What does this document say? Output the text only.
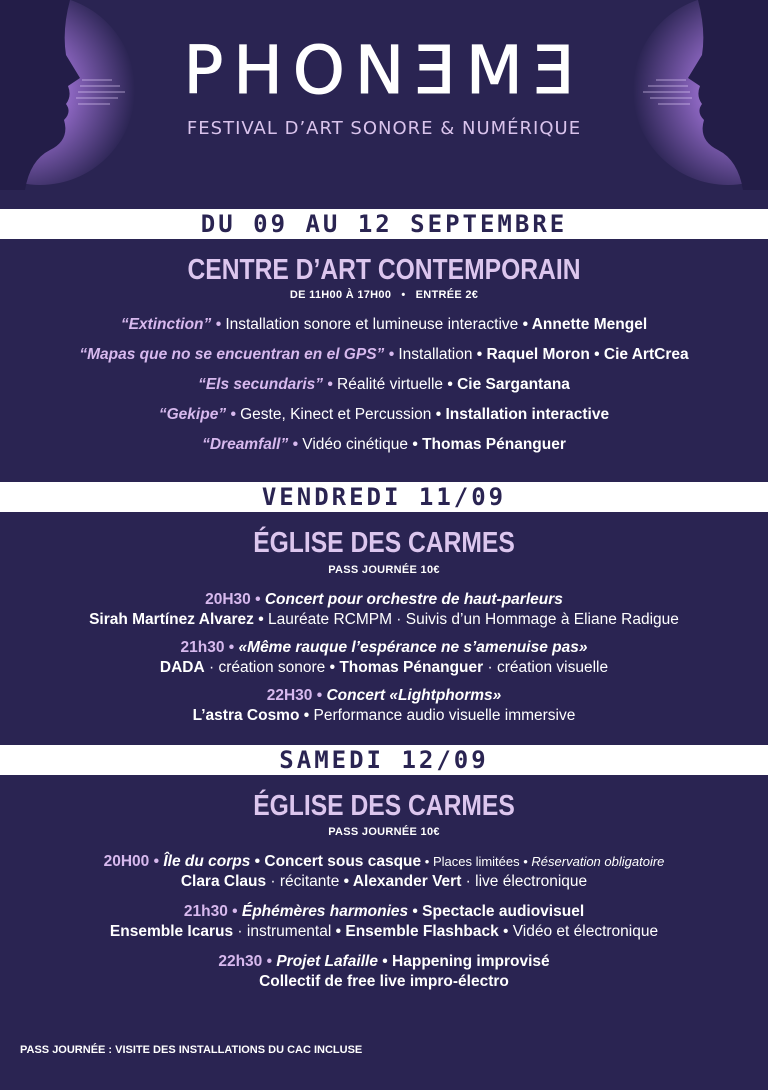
PHONƎMƎ
FESTIVAL D’ART SONORE & NUMÉRIQUE
DU 09 AU 12 SEPTEMBRE
CENTRE D’ART CONTEMPORAIN
DE 11H00 À 17H00 • ENTRÉE 2€
“Extinction” • Installation sonore et lumineuse interactive • Annette Mengel
“Mapas que no se encuentran en el GPS” • Installation • Raquel Moron • Cie ArtCrea
“Els secundaris” • Réalité virtuelle • Cie Sargantana
“Gekipe” • Geste, Kinect et Percussion • Installation interactive
“Dreamfall” • Vidéo cinétique • Thomas Pénanguer
VENDREDI 11/09
ÉGLISE DES CARMES
PASS JOURNÉE 10€
20H30 • Concert pour orchestre de haut-parleurs
Sirah Martínez Alvarez • Lauréate RCMPM · Suivis d’un Hommage à Eliane Radigue
21h30 • «Même rauque l’espérance ne s’amenuise pas»
DADA · création sonore • Thomas Pénanguer · création visuelle
22H30 • Concert «Lightphorms»
L’astra Cosmo • Performance audio visuelle immersive
SAMEDI 12/09
ÉGLISE DES CARMES
PASS JOURNÉE 10€
20H00 • Île du corps • Concert sous casque • Places limitées • Réservation obligatoire
Clara Claus · récitante • Alexander Vert · live électronique
21h30 • Éphémères harmonies • Spectacle audiovisuel
Ensemble Icarus · instrumental • Ensemble Flashback • Vidéo et électronique
22h30 • Projet Lafaille • Happening improvisé
Collectif de free live impro-électro
PASS JOURNÉE : VISITE DES INSTALLATIONS DU CAC INCLUSE
